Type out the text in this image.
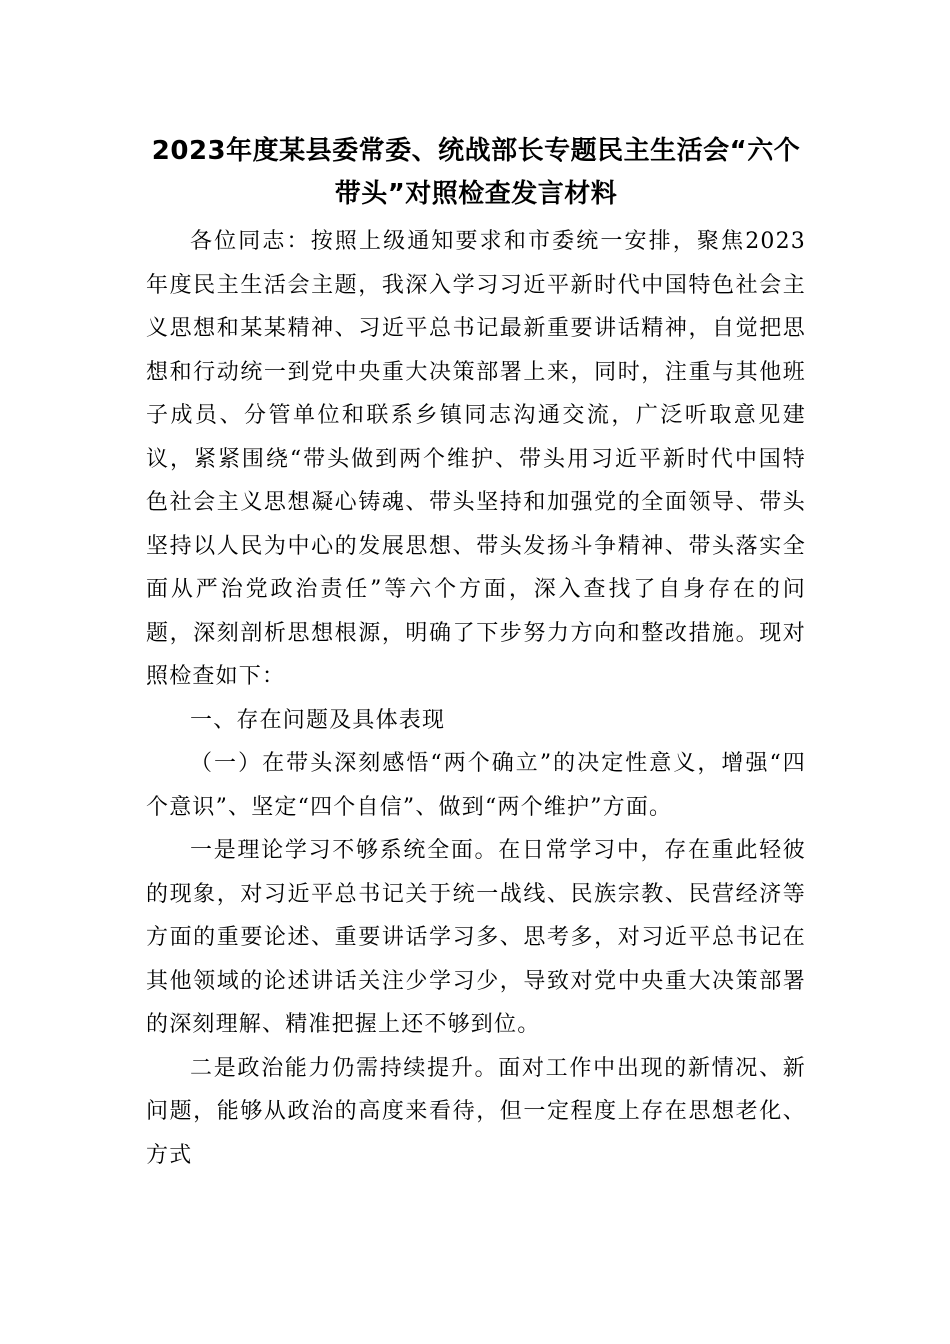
2023年度某县委常委、统战部长专题民主生活会“六个带头”对照检查发言材料

各位同志：按照上级通知要求和市委统一安排，聚焦2023年度民主生活会主题，我深入学习习近平新时代中国特色社会主义思想和某某精神、习近平总书记最新重要讲话精神，自觉把思想和行动统一到党中央重大决策部署上来，同时，注重与其他班子成员、分管单位和联系乡镇同志沟通交流，广泛听取意见建议，紧紧围绕“带头做到两个维护、带头用习近平新时代中国特色社会主义思想凝心铸魂、带头坚持和加强党的全面领导、带头坚持以人民为中心的发展思想、带头发扬斗争精神、带头落实全面从严治党政治责任”等六个方面，深入查找了自身存在的问题，深刻剖析思想根源，明确了下步努力方向和整改措施。现对照检查如下：

一、存在问题及具体表现

（一）在带头深刻感悟“两个确立”的决定性意义，增强“四个意识”、坚定“四个自信”、做到“两个维护”方面。

一是理论学习不够系统全面。在日常学习中，存在重此轻彼的现象，对习近平总书记关于统一战线、民族宗教、民营经济等方面的重要论述、重要讲话学习多、思考多，对习近平总书记在其他领域的论述讲话关注少学习少，导致对党中央重大决策部署的深刻理解、精准把握上还不够到位。

二是政治能力仍需持续提升。面对工作中出现的新情况、新问题，能够从政治的高度来看待，但一定程度上存在思想老化、方式
